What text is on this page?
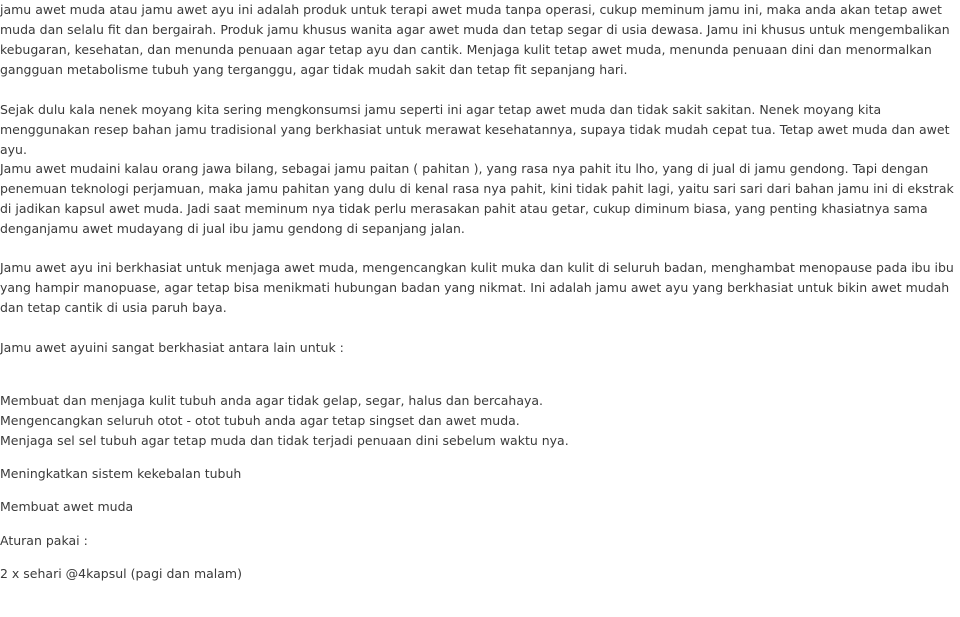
jamu awet muda atau jamu awet ayu ini adalah produk untuk terapi awet muda tanpa operasi, cukup meminum jamu ini, maka anda akan tetap awet muda dan selalu fit dan bergairah. Produk jamu khusus wanita agar awet muda dan tetap segar di usia dewasa. Jamu ini khusus untuk mengembalikan kebugaran, kesehatan, dan menunda penuaan agar tetap ayu dan cantik. Menjaga kulit tetap awet muda, menunda penuaan dini dan menormalkan gangguan metabolisme tubuh yang terganggu, agar tidak mudah sakit dan tetap fit sepanjang hari.

Sejak dulu kala nenek moyang kita sering mengkonsumsi jamu seperti ini agar tetap awet muda dan tidak sakit sakitan. Nenek moyang kita menggunakan resep bahan jamu tradisional yang berkhasiat untuk merawat kesehatannya, supaya tidak mudah cepat tua. Tetap awet muda dan awet ayu.

Jamu awet mudaini kalau orang jawa bilang, sebagai jamu paitan ( pahitan ), yang rasa nya pahit itu lho, yang di jual di jamu gendong. Tapi dengan penemuan teknologi perjamuan, maka jamu pahitan yang dulu di kenal rasa nya pahit, kini tidak pahit lagi, yaitu sari sari dari bahan jamu ini di ekstrak di jadikan kapsul awet muda. Jadi saat meminum nya tidak perlu merasakan pahit atau getar, cukup diminum biasa, yang penting khasiatnya sama denganjamu awet mudayang di jual ibu jamu gendong di sepanjang jalan.

Jamu awet ayu ini berkhasiat untuk menjaga awet muda, mengencangkan kulit muka dan kulit di seluruh badan, menghambat menopause pada ibu ibu yang hampir manopuase, agar tetap bisa menikmati hubungan badan yang nikmat. Ini adalah jamu awet ayu yang berkhasiat untuk bikin awet mudah dan tetap cantik di usia paruh baya.

Jamu awet ayuini sangat berkhasiat antara lain untuk :

Membuat dan menjaga kulit tubuh anda agar tidak gelap, segar, halus dan bercahaya.
Mengencangkan seluruh otot - otot tubuh anda agar tetap singset dan awet muda.
Menjaga sel sel tubuh agar tetap muda dan tidak terjadi penuaan dini sebelum waktu nya.

Meningkatkan sistem kekebalan tubuh

Membuat awet muda

Aturan pakai :

2 x sehari @4kapsul (pagi dan malam)
